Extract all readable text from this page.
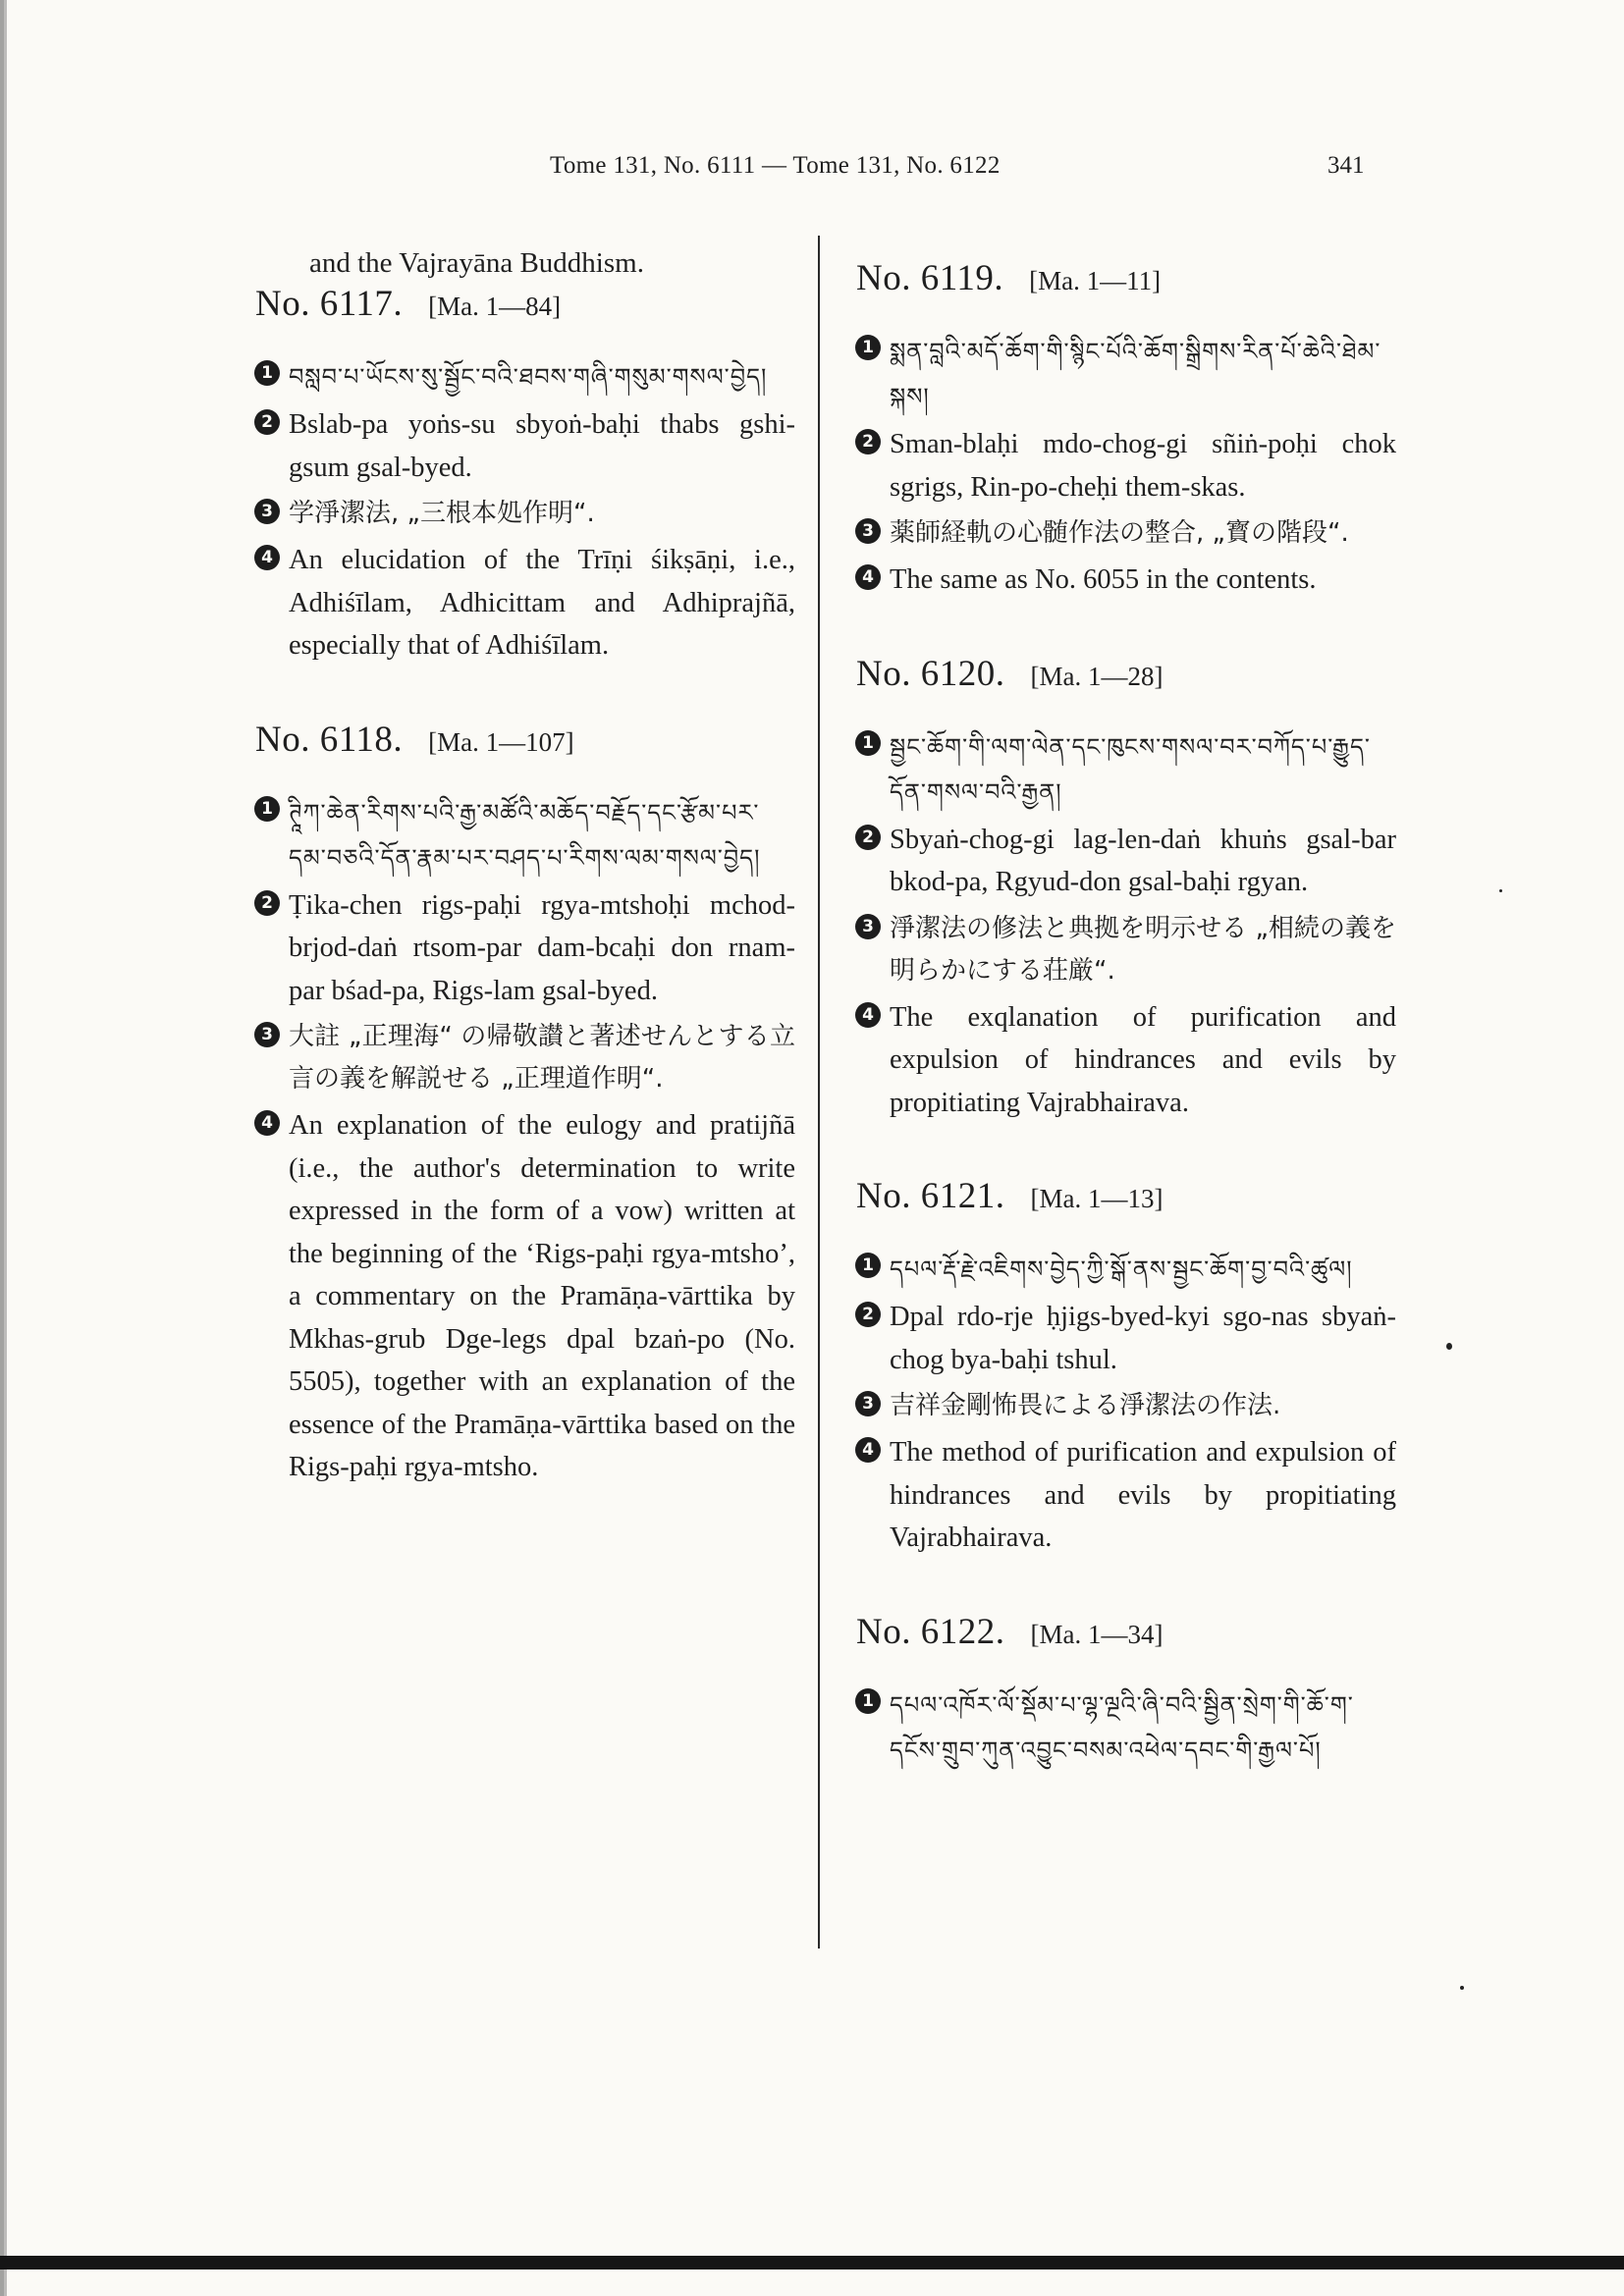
Tome 131, No. 6111 — Tome 131, No. 6122	341

and the Vajrayāna Buddhism.

No. 6117. [Ma. 1—84]
1 བསླབ་པ་ཡོངས་སུ་སྦྱོང་བའི་ཐབས་གཞི་གསུམ་གསལ་བྱེད།
2 Bslab-pa yoṅs-su sbyoṅ-baḥi thabs gshi-gsum gsal-byed.
3 学淨潔法, „三根本処作明“.
4 An elucidation of the Trīṇi śikṣāṇi, i.e., Adhiśīlam, Adhicittam and Adhiprajñā, especially that of Adhiśīlam.
No. 6118. [Ma. 1—107]
1 ཊཱིཀ་ཆེན་རིགས་པའི་རྒྱ་མཚོའི་མཆོད་བརྗོད་དང་རྩོམ་པར་དམ་བཅའི་དོན་རྣམ་པར་བཤད་པ་རིགས་ལམ་གསལ་བྱེད།
2 Ṭika-chen rigs-paḥi rgya-mtshoḥi mchod-brjod-daṅ rtsom-par dam-bcaḥi don rnam-par bśad-pa, Rigs-lam gsal-byed.
3 大註 „正理海“ の帰敬讃と著述せんとする立言の義を解説せる „正理道作明“.
4 An explanation of the eulogy and pratijñā (i.e., the author's determination to write expressed in the form of a vow) written at the beginning of the ‘Rigs-paḥi rgya-mtsho’, a commentary on the Pramāṇa-vārttika by Mkhas-grub Dge-legs dpal bzaṅ-po (No. 5505), together with an explanation of the essence of the Pramāṇa-vārttika based on the Rigs-paḥi rgya-mtsho.
No. 6119. [Ma. 1—11]
1 སྨན་བླའི་མདོ་ཆོག་གི་སྙིང་པོའི་ཆོག་སྒྲིགས་རིན་པོ་ཆེའི་ཐེམ་སྐས།
2 Sman-blaḥi mdo-chog-gi sñiṅ-poḥi chok sgrigs, Rin-po-cheḥi them-skas.
3 薬師経軌の心髄作法の整合, „寳の階段“.
4 The same as No. 6055 in the contents.
No. 6120. [Ma. 1—28]
1 སྦྱང་ཆོག་གི་ལག་ལེན་དང་ཁུངས་གསལ་བར་བཀོད་པ་རྒྱུད་དོན་གསལ་བའི་རྒྱན།
2 Sbyaṅ-chog-gi lag-len-daṅ khuṅs gsal-bar bkod-pa, Rgyud-don gsal-baḥi rgyan.
3 淨潔法の修法と典拠を明示せる „相続の義を明らかにする荘厳“.
4 The exqlanation of purification and expulsion of hindrances and evils by propitiating Vajrabhairava.
No. 6121. [Ma. 1—13]
1 དཔལ་རྡོ་རྗེ་འཇིགས་བྱེད་ཀྱི་སྒོ་ནས་སྦྱང་ཆོག་བྱ་བའི་ཚུལ།
2 Dpal rdo-rje ḥjigs-byed-kyi sgo-nas sbyaṅ-chog bya-baḥi tshul.
3 吉祥金剛怖畏による淨潔法の作法.
4 The method of purification and expulsion of hindrances and evils by propitiating Vajrabhairava.
No. 6122. [Ma. 1—34]
1 དཔལ་འཁོར་ལོ་སྡོམ་པ་ལྷ་ལྔའི་ཞི་བའི་སྦྱིན་སྲེག་གི་ཆོ་ག་དངོས་གྲུབ་ཀུན་འབྱུང་བསམ་འཕེལ་དབང་གི་རྒྱལ་པོ།
